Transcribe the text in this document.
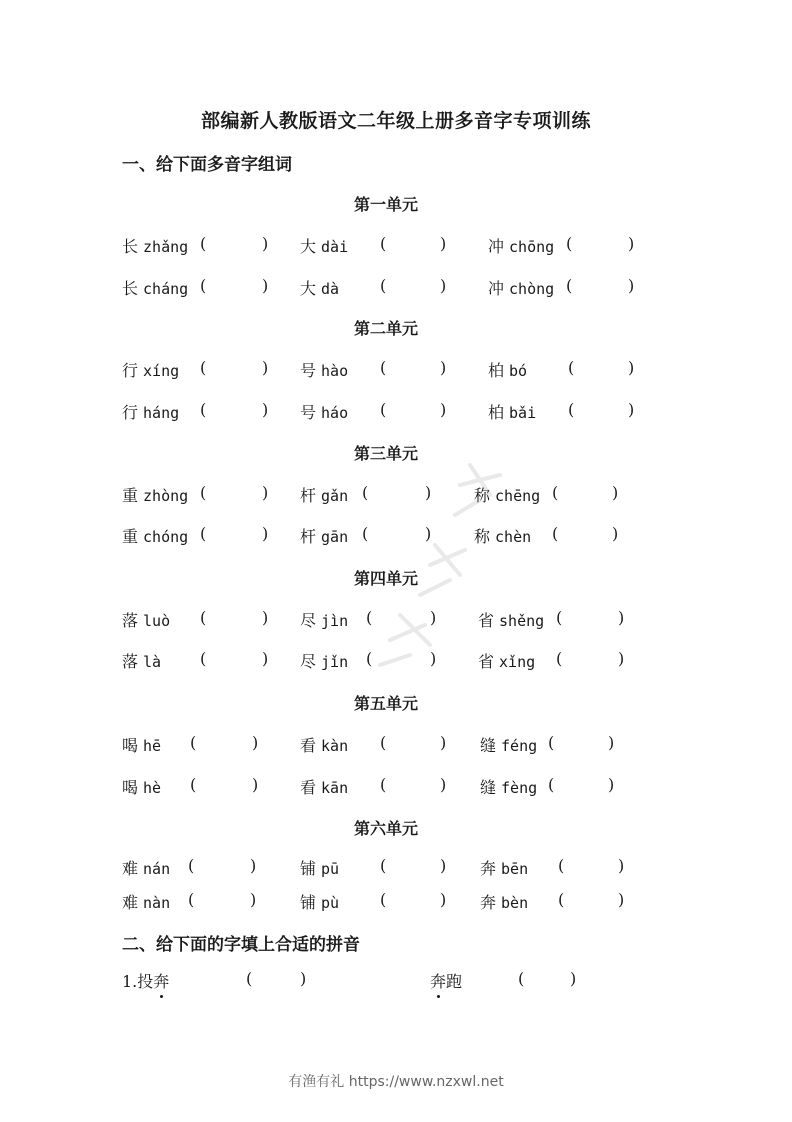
部编新人教版语文二年级上册多音字专项训练
一、给下面多音字组词
第一单元
长 zhǎng (	) 大 dài (	)	冲 chōng (	)
长 cháng (	) 大 dà	(	)	冲 chòng (	)
第二单元
行 xíng (	) 号 hào (	)	柏 bó	(	)
行 háng (	) 号 háo (	)	柏 bǎi (	)
第三单元
重 zhòng (	) 杆 gǎn (	)	称 chēng (	)
重 chóng (	) 杆 gān (	)	称 chèn (	)
第四单元
落 luò (	) 尽 jìn (	)	省 shěng (	)
落 là (	) 尽 jǐn (	)	省 xǐng (	)
第五单元
喝 hē (	)	看 kàn (	) 缝 féng (	)
喝 hè (	)	看 kān (	) 缝 fèng (	)
第六单元
难 nán (	)	铺 pū	(	) 奔 bēn (	)
难 nàn (	)	铺 pù	(	) 奔 bèn (	)
二、给下面的字填上合适的拼音
1.投奔	(	)	奔跑	(	)
有渔有礼 https://www.nzxwl.net
